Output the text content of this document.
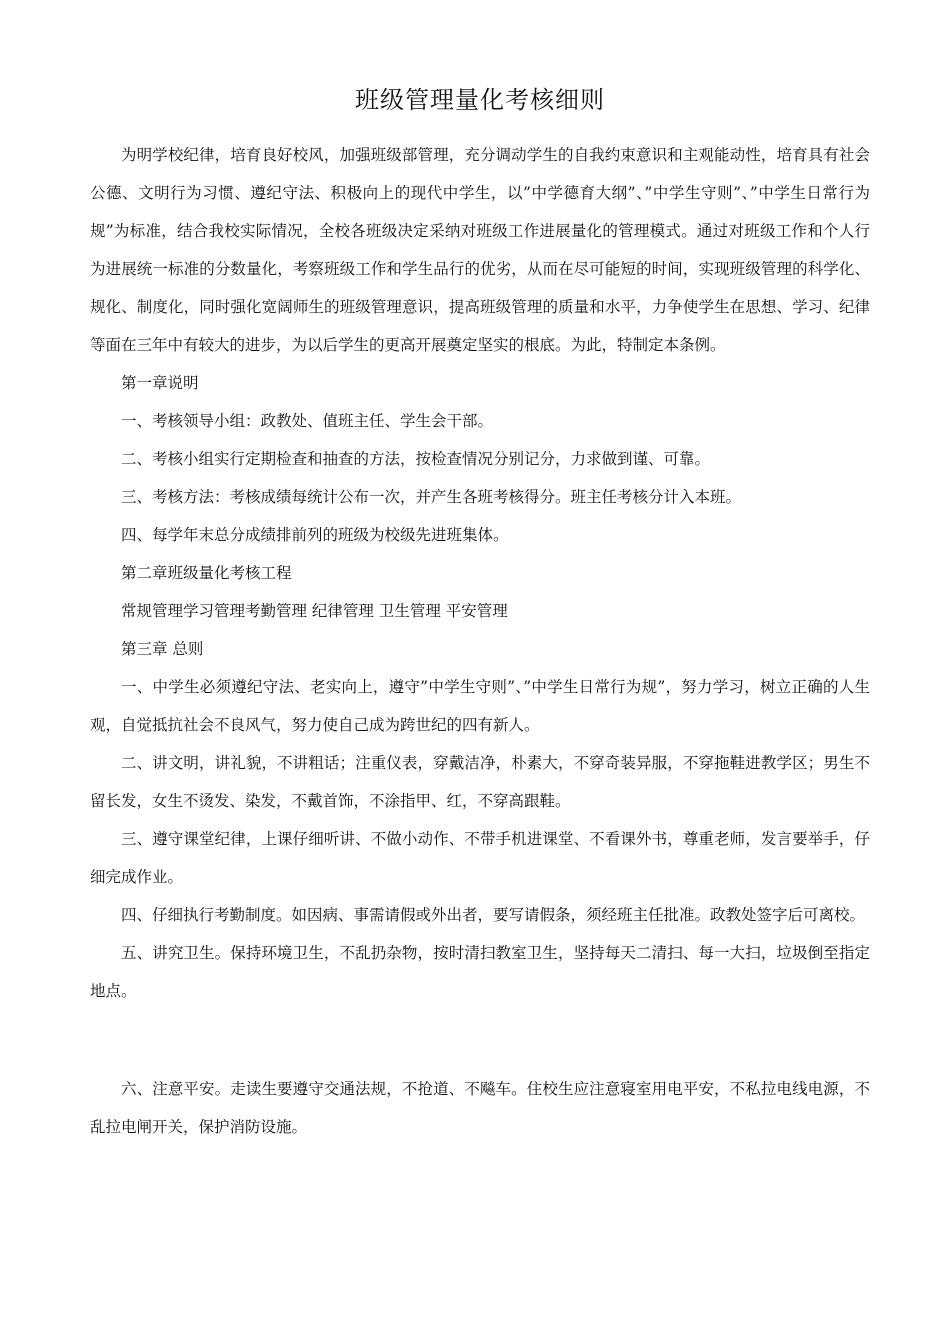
班级管理量化考核细则

为明学校纪律，培育良好校风，加强班级部管理，充分调动学生的自我约束意识和主观能动性，培育具有社会公德、文明行为习惯、遵纪守法、积极向上的现代中学生，以”中学德育大纲”、”中学生守则”、”中学生日常行为规”为标准，结合我校实际情况，全校各班级决定采纳对班级工作进展量化的管理模式。通过对班级工作和个人行为进展统一标准的分数量化，考察班级工作和学生品行的优劣，从而在尽可能短的时间，实现班级管理的科学化、规化、制度化，同时强化宽阔师生的班级管理意识，提高班级管理的质量和水平，力争使学生在思想、学习、纪律等面在三年中有较大的进步，为以后学生的更高开展奠定坚实的根底。为此，特制定本条例。

第一章说明

一、考核领导小组：政教处、值班主任、学生会干部。

二、考核小组实行定期检查和抽查的方法，按检查情况分别记分，力求做到谨、可靠。

三、考核方法：考核成绩每统计公布一次，并产生各班考核得分。班主任考核分计入本班。

四、每学年末总分成绩排前列的班级为校级先进班集体。

第二章班级量化考核工程

常规管理学习管理考勤管理 纪律管理 卫生管理 平安管理

第三章 总则

一、中学生必须遵纪守法、老实向上，遵守”中学生守则”、”中学生日常行为规”，努力学习，树立正确的人生观，自觉抵抗社会不良风气，努力使自己成为跨世纪的四有新人。

二、讲文明，讲礼貌，不讲粗话；注重仪表，穿戴洁净，朴素大，不穿奇装异服，不穿拖鞋进教学区；男生不留长发，女生不烫发、染发，不戴首饰，不涂指甲、红，不穿高跟鞋。

三、遵守课堂纪律，上课仔细听讲、不做小动作、不带手机进课堂、不看课外书，尊重老师，发言要举手，仔细完成作业。

四、仔细执行考勤制度。如因病、事需请假或外出者，要写请假条，须经班主任批准。政教处签字后可离校。

五、讲究卫生。保持环境卫生，不乱扔杂物，按时清扫教室卫生，坚持每天二清扫、每一大扫，垃圾倒至指定地点。

六、注意平安。走读生要遵守交通法规，不抢道、不飚车。住校生应注意寝室用电平安，不私拉电线电源，不乱拉电闸开关，保护消防设施。
